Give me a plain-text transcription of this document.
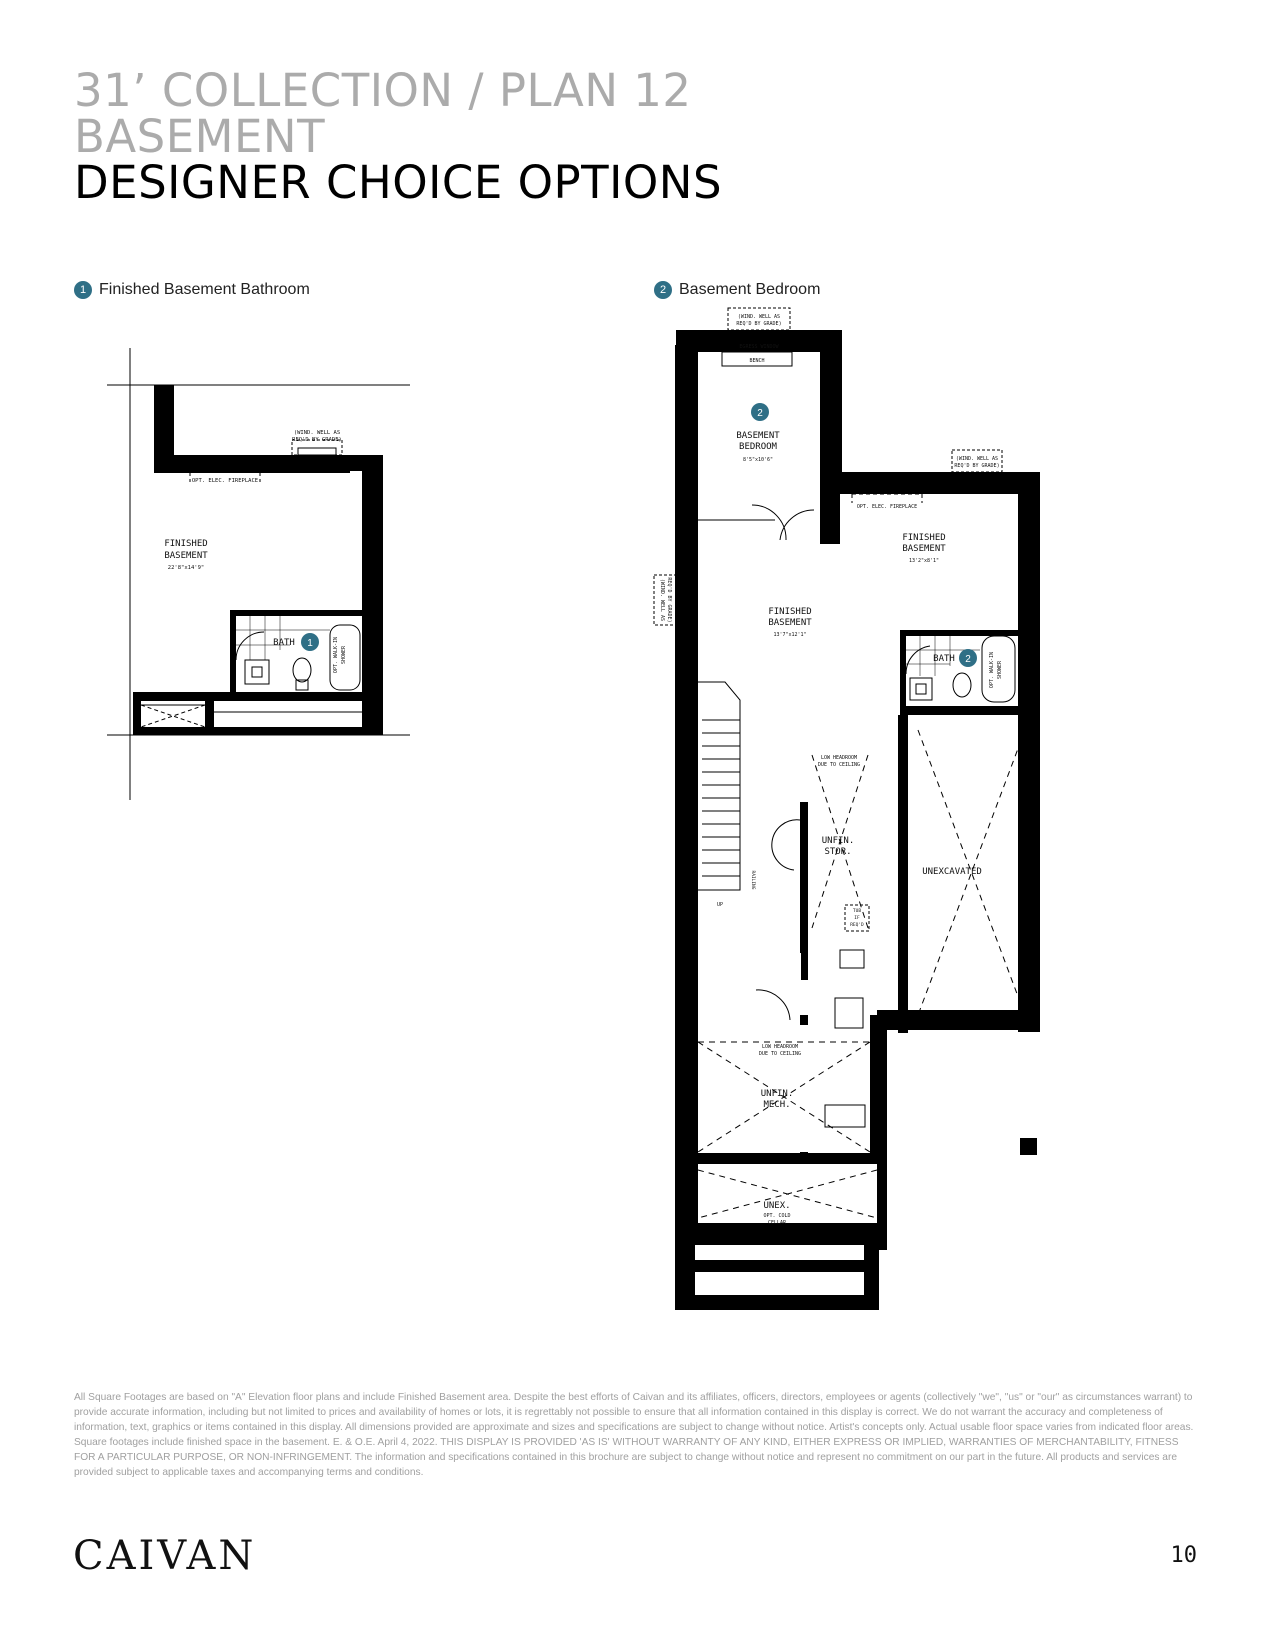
31’ COLLECTION / PLAN 12
BASEMENT
DESIGNER CHOICE OPTIONS
1 Finished Basement Bathroom	2 Basement Bedroom
1
(WIND. WELL AS
REQ'D BY GRADE)
OPT. ELEC. FIREPLACE
FINISHED
BASEMENT
22'8"x14'9"
BATH	OPT. WALK-IN SHOWER
2
2
(WIND. WELL AS
REQ'D BY GRADE)
EGRESS WINDOW
BENCH
BASEMENT
BEDROOM
8'5"x10'6"	(WIND. WELL AS
REQ'D BY GRADE)
OPT. ELEC. FIREPLACE
FINISHED
BASEMENT
13'2"x8'1"
(WIND. WELL AS REQ'D BY GRADE)	FINISHED
BASEMENT
13'7"x12'1"
BATH	OPT. WALK-IN SHOWER
LOW HEADROOM
DUE TO CEILING
UNFIN.
STOR.
UNEXCAVATED
RAILING
UP
TUB
IF
REQ'D
LOW HEADROOM
DUE TO CEILING
UNFIN.
MECH.
UNEX.
OPT. COLD
CELLAR

All Square Footages are based on "A" Elevation floor plans and include Finished Basement area. Despite the best efforts of Caivan and its affiliates, officers, directors, employees or agents (collectively "we", "us" or "our" as circumstances warrant) to provide accurate information, including but not limited to prices and availability of homes or lots, it is regrettably not possible to ensure that all information contained in this display is correct. We do not warrant the accuracy and completeness of information, text, graphics or items contained in this display. All dimensions provided are approximate and sizes and specifications are subject to change without notice. Artist's concepts only. Actual usable floor space varies from indicated floor areas. Square footages include finished space in the basement. E. & O.E. April 4, 2022. THIS DISPLAY IS PROVIDED 'AS IS' WITHOUT WARRANTY OF ANY KIND, EITHER EXPRESS OR IMPLIED, WARRANTIES OF MERCHANTABILITY, FITNESS FOR A PARTICULAR PURPOSE, OR NON-INFRINGEMENT. The information and specifications contained in this brochure are subject to change without notice and represent no commitment on our part in the future. All products and services are provided subject to applicable taxes and accompanying terms and conditions.

CAIVAN	10
